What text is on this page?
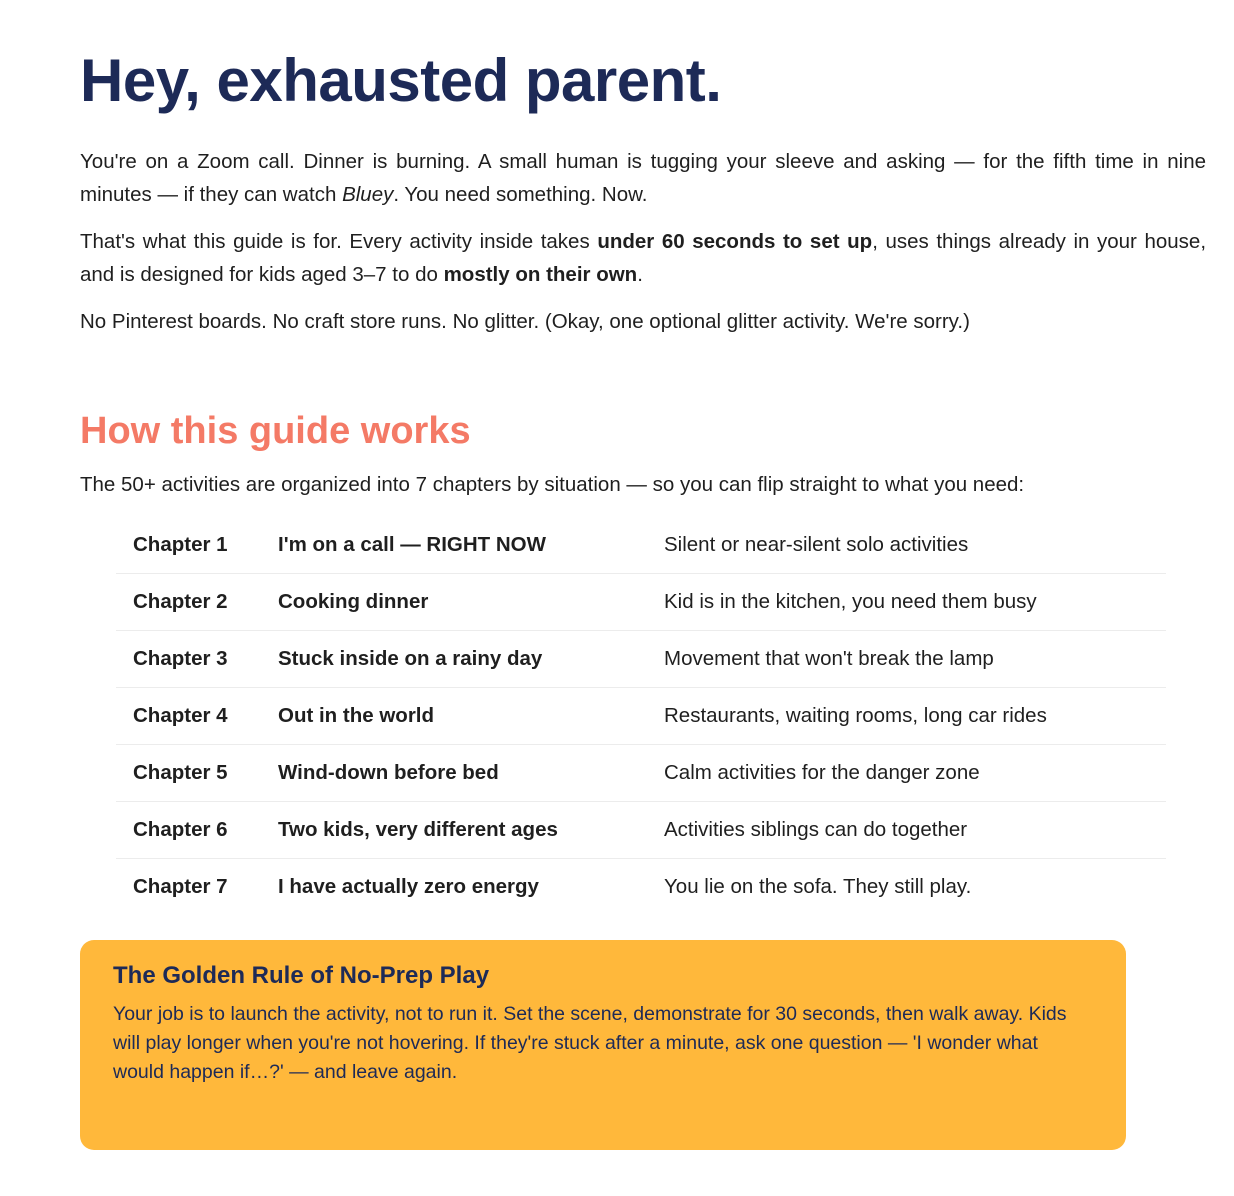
Hey, exhausted parent.

You're on a Zoom call. Dinner is burning. A small human is tugging your sleeve and asking — for the fifth time in nine minutes — if they can watch Bluey. You need something. Now.

That's what this guide is for. Every activity inside takes under 60 seconds to set up, uses things already in your house, and is designed for kids aged 3–7 to do mostly on their own.

No Pinterest boards. No craft store runs. No glitter. (Okay, one optional glitter activity. We're sorry.)

How this guide works

The 50+ activities are organized into 7 chapters by situation — so you can flip straight to what you need:

Chapter 1	I'm on a call — RIGHT NOW	Silent or near-silent solo activities
Chapter 2	Cooking dinner	Kid is in the kitchen, you need them busy
Chapter 3	Stuck inside on a rainy day	Movement that won't break the lamp
Chapter 4	Out in the world	Restaurants, waiting rooms, long car rides
Chapter 5	Wind-down before bed	Calm activities for the danger zone
Chapter 6	Two kids, very different ages	Activities siblings can do together
Chapter 7	I have actually zero energy	You lie on the sofa. They still play.
The Golden Rule of No-Prep Play

Your job is to launch the activity, not to run it. Set the scene, demonstrate for 30 seconds, then walk away. Kids will play longer when you're not hovering. If they're stuck after a minute, ask one question — 'I wonder what would happen if…?' — and leave again.
